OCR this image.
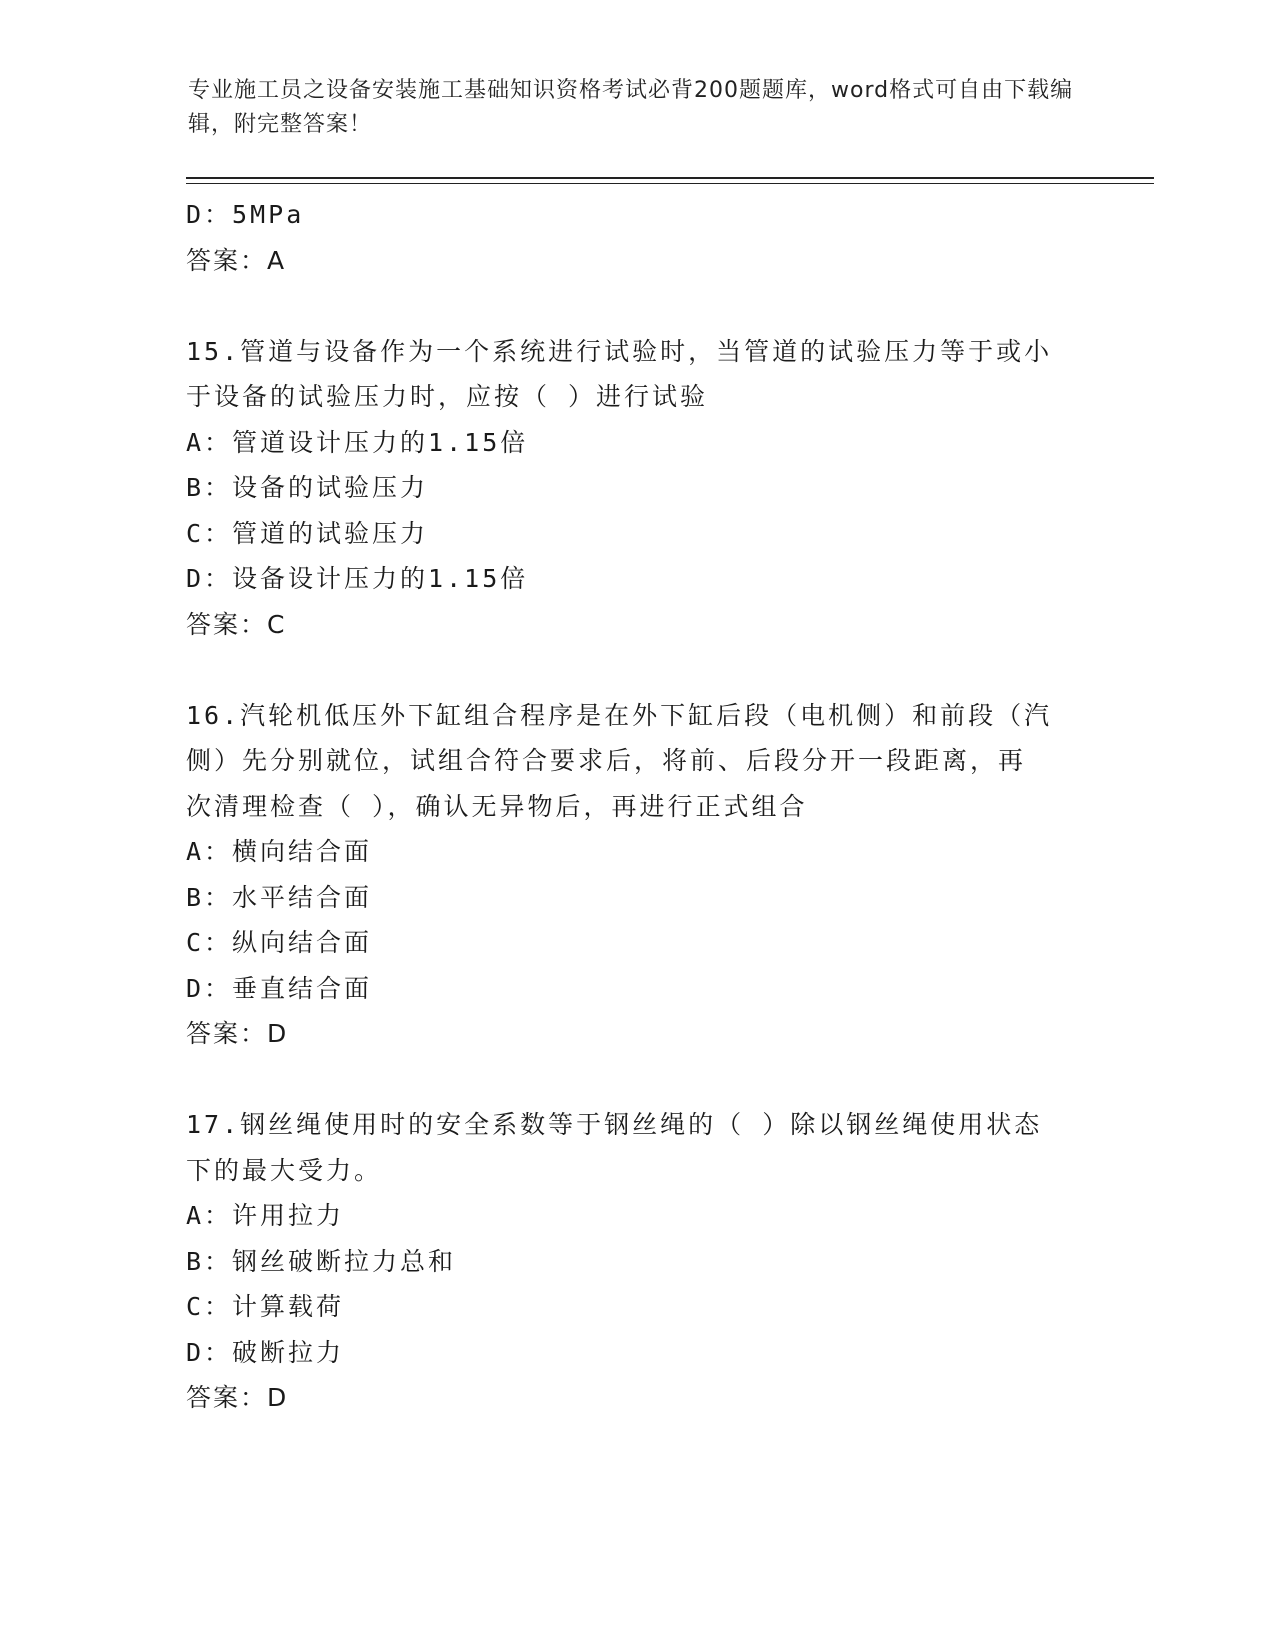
专业施工员之设备安装施工基础知识资格考试必背200题题库，word格式可自由下载编辑，附完整答案！
D：5MPa
答案：A
15.管道与设备作为一个系统进行试验时，当管道的试验压力等于或小
于设备的试验压力时，应按（ ）进行试验
A：管道设计压力的1.15倍
B：设备的试验压力
C：管道的试验压力
D：设备设计压力的1.15倍
答案：C
16.汽轮机低压外下缸组合程序是在外下缸后段（电机侧）和前段（汽
侧）先分别就位，试组合符合要求后，将前、后段分开一段距离，再
次清理检查（ ），确认无异物后，再进行正式组合
A：横向结合面
B：水平结合面
C：纵向结合面
D：垂直结合面
答案：D
17.钢丝绳使用时的安全系数等于钢丝绳的（ ）除以钢丝绳使用状态
下的最大受力。
A：许用拉力
B：钢丝破断拉力总和
C：计算载荷
D：破断拉力
答案：D
